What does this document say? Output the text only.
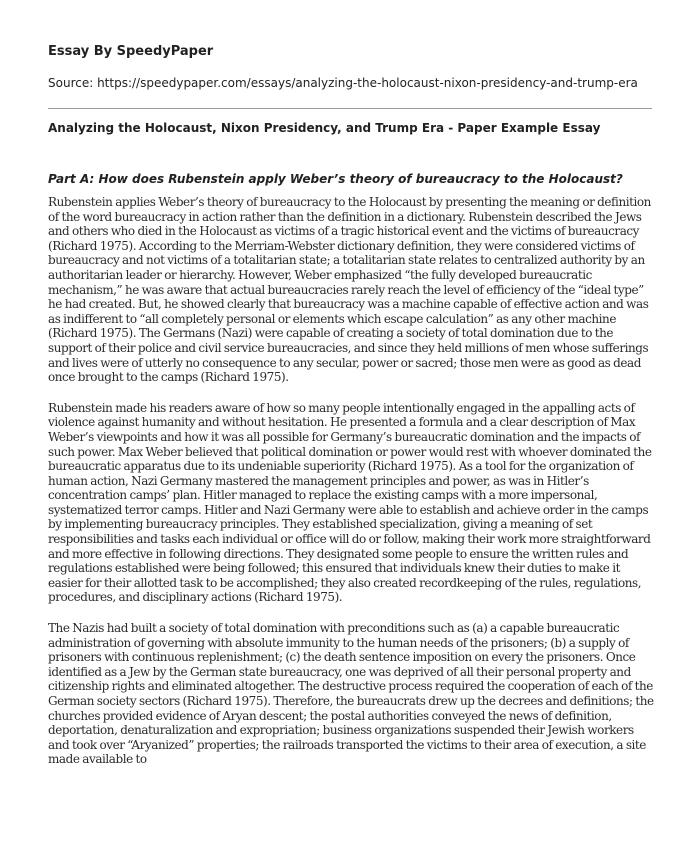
Essay By SpeedyPaper
Source: https://speedypaper.com/essays/analyzing-the-holocaust-nixon-presidency-and-trump-era
Analyzing the Holocaust, Nixon Presidency, and Trump Era - Paper Example Essay
Part A: How does Rubenstein apply Weber’s theory of bureaucracy to the Holocaust?

Rubenstein applies Weber’s theory of bureaucracy to the Holocaust by presenting the meaning or definition of the word bureaucracy in action rather than the definition in a dictionary. Rubenstein described the Jews and others who died in the Holocaust as victims of a tragic historical event and the victims of bureaucracy (Richard 1975). According to the Merriam-Webster dictionary definition, they were considered victims of bureaucracy and not victims of a totalitarian state; a totalitarian state relates to centralized authority by an authoritarian leader or hierarchy. However, Weber emphasized “the fully developed bureaucratic mechanism,” he was aware that actual bureaucracies rarely reach the level of efficiency of the “ideal type” he had created. But, he showed clearly that bureaucracy was a machine capable of effective action and was as indifferent to “all completely personal or elements which escape calculation” as any other machine (Richard 1975). The Germans (Nazi) were capable of creating a society of total domination due to the support of their police and civil service bureaucracies, and since they held millions of men whose sufferings and lives were of utterly no consequence to any secular, power or sacred; those men were as good as dead once brought to the camps (Richard 1975).

Rubenstein made his readers aware of how so many people intentionally engaged in the appalling acts of violence against humanity and without hesitation. He presented a formula and a clear description of Max Weber’s viewpoints and how it was all possible for Germany’s bureaucratic domination and the impacts of such power. Max Weber believed that political domination or power would rest with whoever dominated the bureaucratic apparatus due to its undeniable superiority (Richard 1975). As a tool for the organization of human action, Nazi Germany mastered the management principles and power, as was in Hitler’s concentration camps’ plan. Hitler managed to replace the existing camps with a more impersonal, systematized terror camps. Hitler and Nazi Germany were able to establish and achieve order in the camps by implementing bureaucracy principles. They established specialization, giving a meaning of set responsibilities and tasks each individual or office will do or follow, making their work more straightforward and more effective in following directions. They designated some people to ensure the written rules and regulations established were being followed; this ensured that individuals knew their duties to make it easier for their allotted task to be accomplished; they also created recordkeeping of the rules, regulations, procedures, and disciplinary actions (Richard 1975).

The Nazis had built a society of total domination with preconditions such as (a) a capable bureaucratic administration of governing with absolute immunity to the human needs of the prisoners; (b) a supply of prisoners with continuous replenishment; (c) the death sentence imposition on every the prisoners. Once identified as a Jew by the German state bureaucracy, one was deprived of all their personal property and citizenship rights and eliminated altogether. The destructive process required the cooperation of each of the German society sectors (Richard 1975). Therefore, the bureaucrats drew up the decrees and definitions; the churches provided evidence of Aryan descent; the postal authorities conveyed the news of definition, deportation, denaturalization and expropriation; business organizations suspended their Jewish workers and took over “Aryanized” properties; the railroads transported the victims to their area of execution, a site made available to
